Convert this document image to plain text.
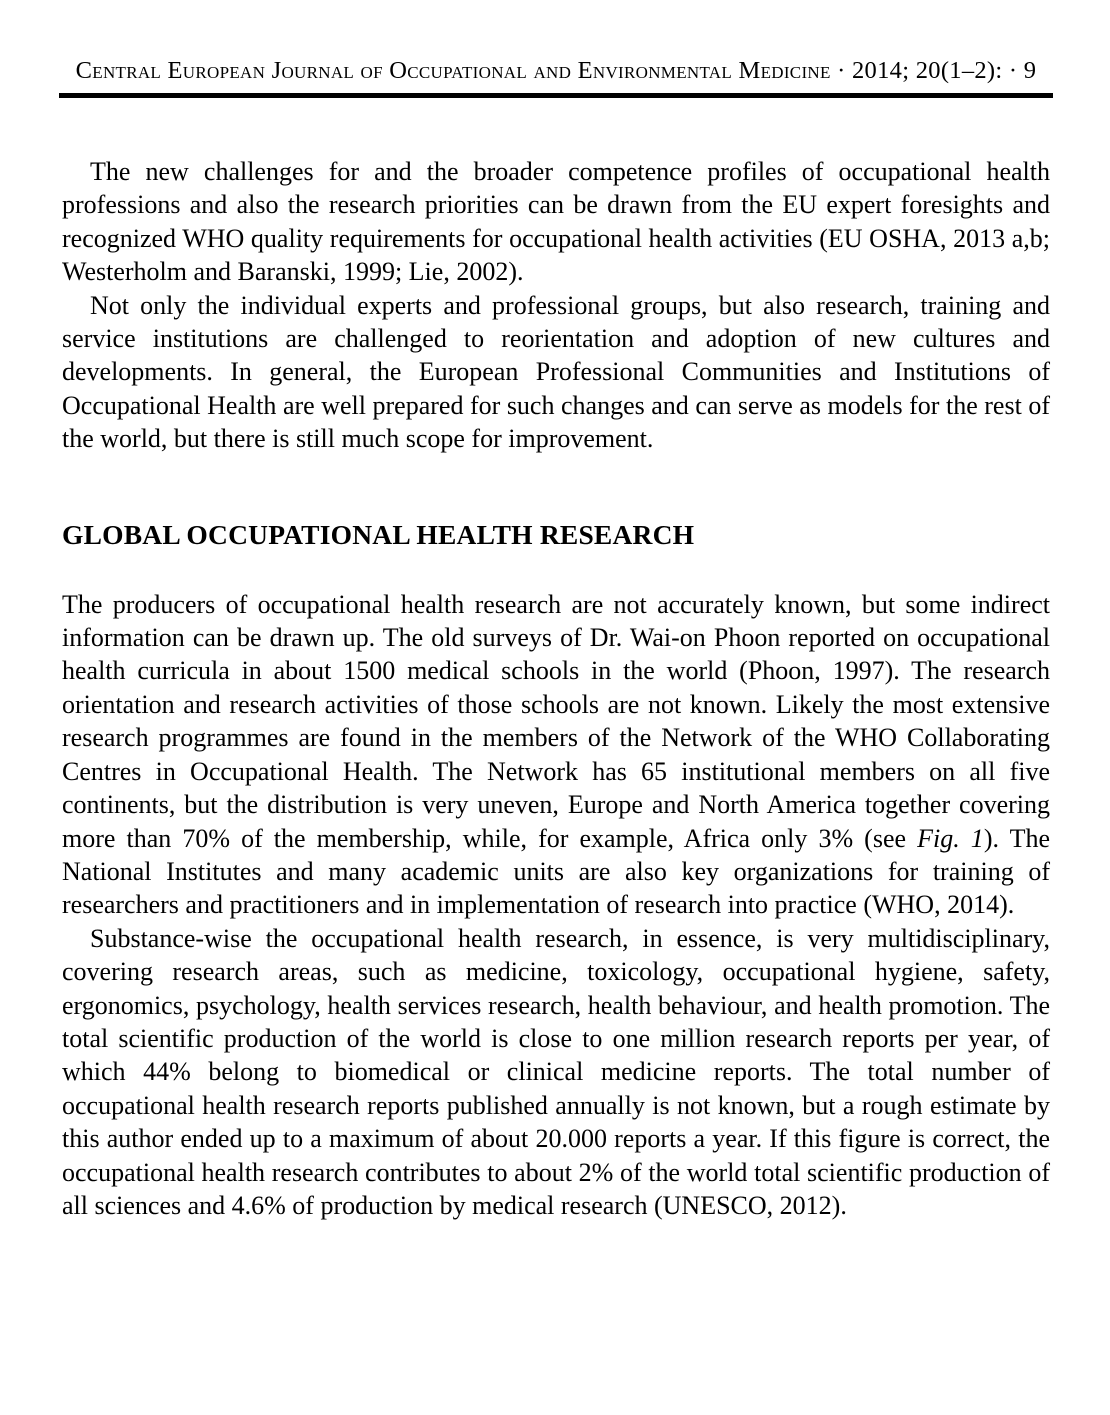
Central European Journal of Occupational and Environmental Medicine · 2014; 20(1–2): · 9

The new challenges for and the broader competence profiles of occupational health professions and also the research priorities can be drawn from the EU expert foresights and recognized WHO quality requirements for occupational health activities (EU OSHA, 2013 a,b; Westerholm and Baranski, 1999; Lie, 2002).

Not only the individual experts and professional groups, but also research, training and service institutions are challenged to reorientation and adoption of new cultures and developments. In general, the European Professional Communities and Institutions of Occupational Health are well prepared for such changes and can serve as models for the rest of the world, but there is still much scope for improvement.

GLOBAL OCCUPATIONAL HEALTH RESEARCH

The producers of occupational health research are not accurately known, but some indirect information can be drawn up. The old surveys of Dr. Wai-on Phoon reported on occupational health curricula in about 1500 medical schools in the world (Phoon, 1997). The research orientation and research activities of those schools are not known. Likely the most extensive research programmes are found in the members of the Network of the WHO Collaborating Centres in Occupational Health. The Network has 65 institutional members on all five continents, but the distribution is very uneven, Europe and North America together covering more than 70% of the membership, while, for example, Africa only 3% (see Fig. 1). The National Institutes and many academic units are also key organizations for training of researchers and practitioners and in implementation of research into practice (WHO, 2014).

Substance-wise the occupational health research, in essence, is very multidisciplinary, covering research areas, such as medicine, toxicology, occupational hygiene, safety, ergonomics, psychology, health services research, health behaviour, and health promotion. The total scientific production of the world is close to one million research reports per year, of which 44% belong to biomedical or clinical medicine reports. The total number of occupational health research reports published annually is not known, but a rough estimate by this author ended up to a maximum of about 20.000 reports a year. If this figure is correct, the occupational health research contributes to about 2% of the world total scientific production of all sciences and 4.6% of production by medical research (UNESCO, 2012).
